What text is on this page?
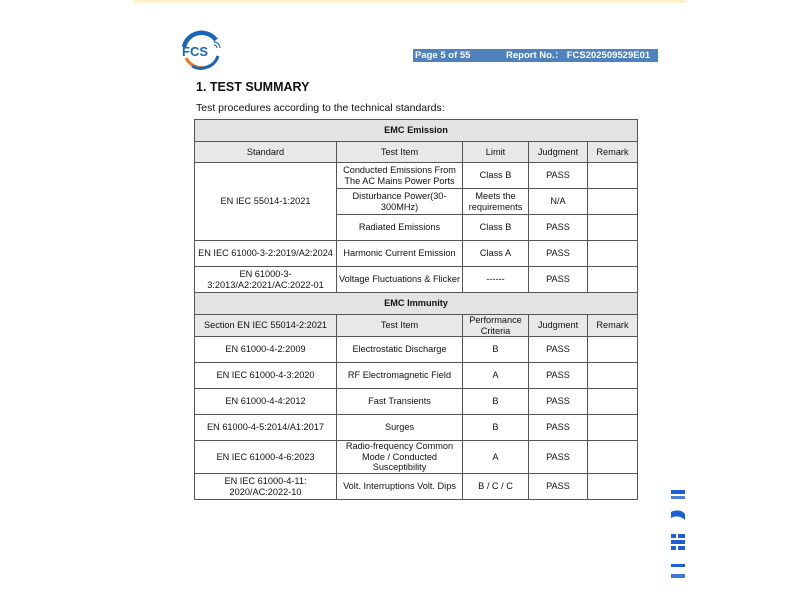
FCS	Page 5 of 55	Report No.： FCS202509529E01
1. TEST SUMMARY
Test procedures according to the technical standards:
EMC Emission				
Standard	Test Item	Limit	Judgment	Remark
EN IEC 55014-1:2021	Conducted Emissions From The AC Mains Power Ports	Class B	PASS	
	Disturbance Power(30-300MHz)	Meets the requirements	N/A	
	Radiated Emissions	Class B	PASS	
EN IEC 61000-3-2:2019/A2:2024	Harmonic Current Emission	Class A	PASS	
EN 61000-3-3:2013/A2:2021/AC:2022-01	Voltage Fluctuations & Flicker	------	PASS	
EMC Immunity				
Section EN IEC 55014-2:2021	Test Item	Performance Criteria	Judgment	Remark
EN 61000-4-2:2009	Electrostatic Discharge	B	PASS	
EN IEC 61000-4-3:2020	RF Electromagnetic Field	A	PASS	
EN 61000-4-4:2012	Fast Transients	B	PASS	
EN 61000-4-5:2014/A1:2017	Surges	B	PASS	
EN IEC 61000-4-6:2023	Radio-frequency Common Mode / Conducted Susceptibility	A	PASS	
EN IEC 61000-4-11: 2020/AC:2022-10	Volt. Interruptions Volt. Dips	B / C / C	PASS	
